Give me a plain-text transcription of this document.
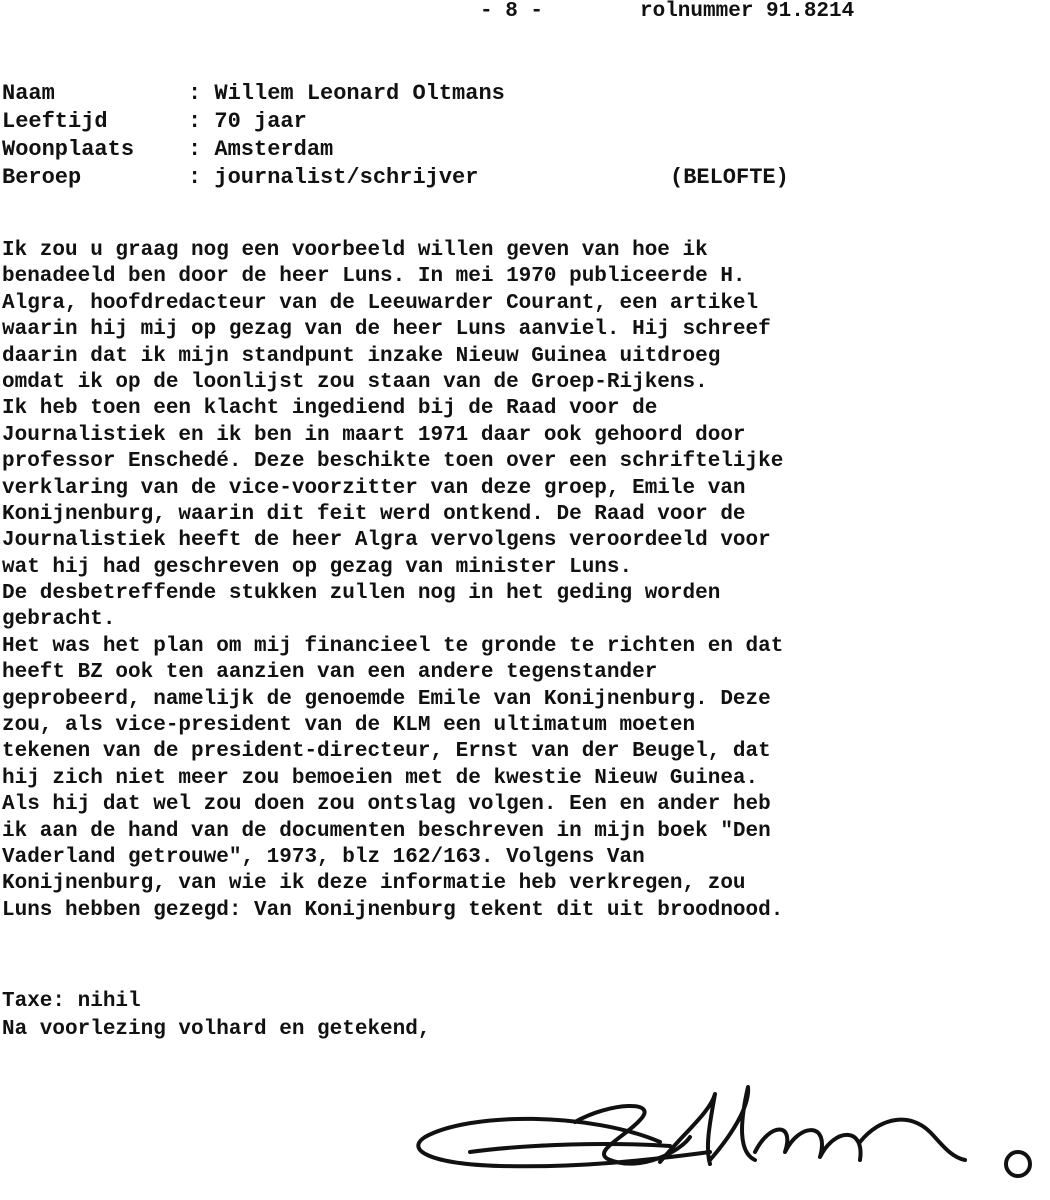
- 8 -	rolnummer 91.8214
Naam	: Willem Leonard Oltmans
Leeftijd	: 70 jaar
Woonplaats : Amsterdam
Beroep	: journalist/schrijver	(BELOFTE)
Ik zou u graag nog een voorbeeld willen geven van hoe ik
benadeeld ben door de heer Luns. In mei 1970 publiceerde H.
Algra, hoofdredacteur van de Leeuwarder Courant, een artikel
waarin hij mij op gezag van de heer Luns aanviel. Hij schreef
daarin dat ik mijn standpunt inzake Nieuw Guinea uitdroeg
omdat ik op de loonlijst zou staan van de Groep-Rijkens.
Ik heb toen een klacht ingediend bij de Raad voor de
Journalistiek en ik ben in maart 1971 daar ook gehoord door
professor Enschedé. Deze beschikte toen over een schriftelijke
verklaring van de vice-voorzitter van deze groep, Emile van
Konijnenburg, waarin dit feit werd ontkend. De Raad voor de
Journalistiek heeft de heer Algra vervolgens veroordeeld voor
wat hij had geschreven op gezag van minister Luns.
De desbetreffende stukken zullen nog in het geding worden
gebracht.
Het was het plan om mij financieel te gronde te richten en dat
heeft BZ ook ten aanzien van een andere tegenstander
geprobeerd, namelijk de genoemde Emile van Konijnenburg. Deze
zou, als vice-president van de KLM een ultimatum moeten
tekenen van de president-directeur, Ernst van der Beugel, dat
hij zich niet meer zou bemoeien met de kwestie Nieuw Guinea.
Als hij dat wel zou doen zou ontslag volgen. Een en ander heb
ik aan de hand van de documenten beschreven in mijn boek "Den
Vaderland getrouwe", 1973, blz 162/163. Volgens Van
Konijnenburg, van wie ik deze informatie heb verkregen, zou
Luns hebben gezegd: Van Konijnenburg tekent dit uit broodnood.
Taxe: nihil
Na voorlezing volhard en getekend,
